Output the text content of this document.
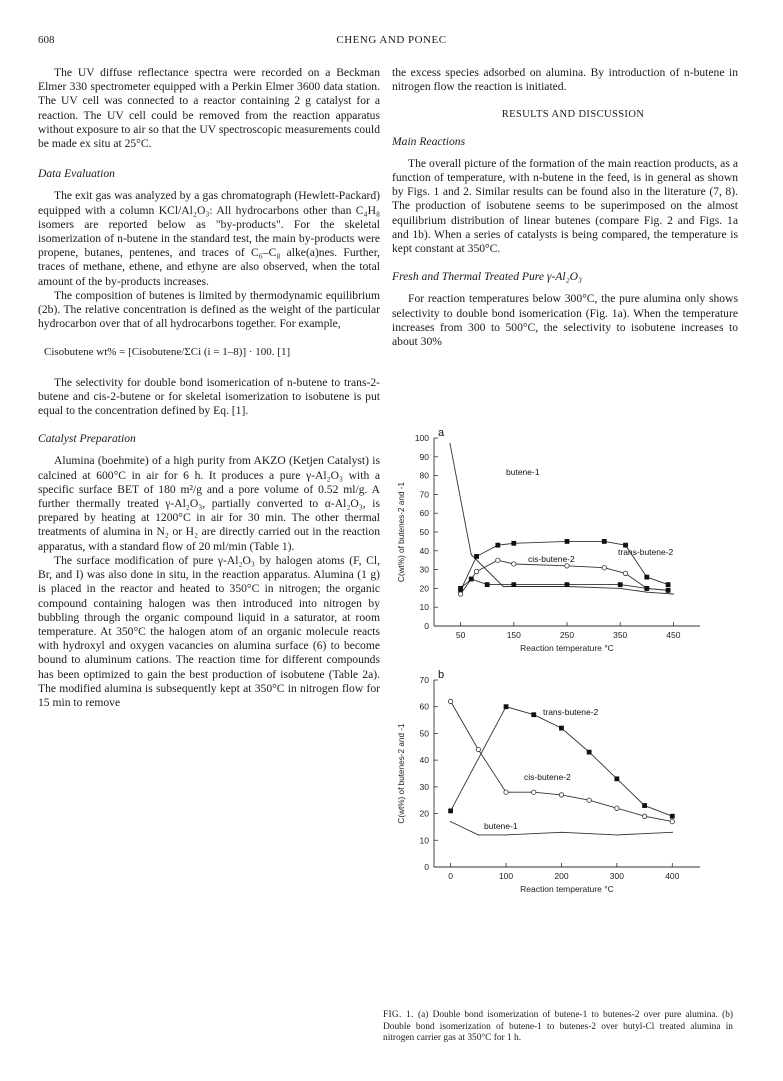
608	CHENG AND PONEC

The UV diffuse reflectance spectra were recorded on a Beckman Elmer 330 spectrometer equipped with a Perkin Elmer 3600 data station. The UV cell was connected to a reactor containing 2 g catalyst for a reaction. The UV cell could be removed from the reaction apparatus without exposure to air so that the UV spectroscopic measurements could be made ex situ at 25°C.

Data Evaluation

The exit gas was analyzed by a gas chromatograph (Hewlett-Packard) equipped with a column KCl/Al₂O₃: All hydrocarbons other than C₄H₈ isomers are reported below as "by-products". For the skeletal isomerization of n-butene in the standard test, the main by-products were propene, butanes, pentenes, and traces of C₆–C₈ alke(a)nes. Further, traces of methane, ethene, and ethyne are also observed, when the total amount of the by-products increases.

The composition of butenes is limited by thermodynamic equilibrium (2b). The relative concentration is defined as the weight of the particular hydrocarbon over that of all hydrocarbons together. For example,

Cisobutene wt% = [Cisobutene/ΣCi (i = 1–8)] · 100. [1]

The selectivity for double bond isomerication of n-butene to trans-2-butene and cis-2-butene or for skeletal isomerization to isobutene is put equal to the concentration defined by Eq. [1].

Catalyst Preparation

Alumina (boehmite) of a high purity from AKZO (Ketjen Catalyst) is calcined at 600°C in air for 6 h. It produces a pure γ-Al₂O₃ with a specific surface BET of 180 m²/g and a pore volume of 0.52 ml/g. A further thermally treated γ-Al₂O₃, partially converted to α-Al₂O₃, is prepared by heating at 1200°C in air for 30 min. The other thermal treatments of alumina in N₂ or H₂ are directly carried out in the reaction apparatus, with a standard flow of 20 ml/min (Table 1).

The surface modification of pure γ-Al₂O₃ by halogen atoms (F, Cl, Br, and I) was also done in situ, in the reaction apparatus. Alumina (1 g) is placed in the reactor and heated to 350°C in nitrogen; the organic compound containing halogen was then introduced into nitrogen by bubbling through the organic compound liquid in a saturator, at room temperature. At 350°C the halogen atom of an organic molecule reacts with hydroxyl and oxygen vacancies on alumina surface (6) to become bound to aluminum cations. The reaction time for different compounds has been optimized to gain the best production of isobutene (Table 2a). The modified alumina is subsequently kept at 350°C in nitrogen flow for 15 min to remove

the excess species adsorbed on alumina. By introduction of n-butene in nitrogen flow the reaction is initiated.

RESULTS AND DISCUSSION

Main Reactions

The overall picture of the formation of the main reaction products, as a function of temperature, with n-butene in the feed, is in general as shown by Figs. 1 and 2. Similar results can be found also in the literature (7, 8). The production of isobutene seems to be superimposed on the almost equilibrium distribution of linear butenes (compare Fig. 2 and Figs. 1a and 1b). When a series of catalysts is being compared, the temperature is kept constant at 350°C.

Fresh and Thermal Treated Pure γ-Al₂O₃

For reaction temperatures below 300°C, the pure alumina only shows selectivity to double bond isomerication (Fig. 1a). When the temperature increases from 300 to 500°C, the selectivity to isobutene increases to about 30%

0
10
20
30
40
50
60
70
80
90
100
50	150	250	350	450
Reaction temperature °C
C(wt%) of butenes-2 and -1
a
butene-1
trans-butene-2
cis-butene-2
0
10
20
30
40
50
60
70
0	100	200	300	400
Reaction temperature °C
C(wt%) of butenes-2 and -1
b
trans-butene-2
cis-butene-2
butene-1
FIG. 1. (a) Double bond isomerization of butene-1 to butenes-2 over pure alumina. (b) Double bond isomerization of butene-1 to butenes-2 over butyl-Cl treated alumina in nitrogen carrier gas at 350°C for 1 h.
